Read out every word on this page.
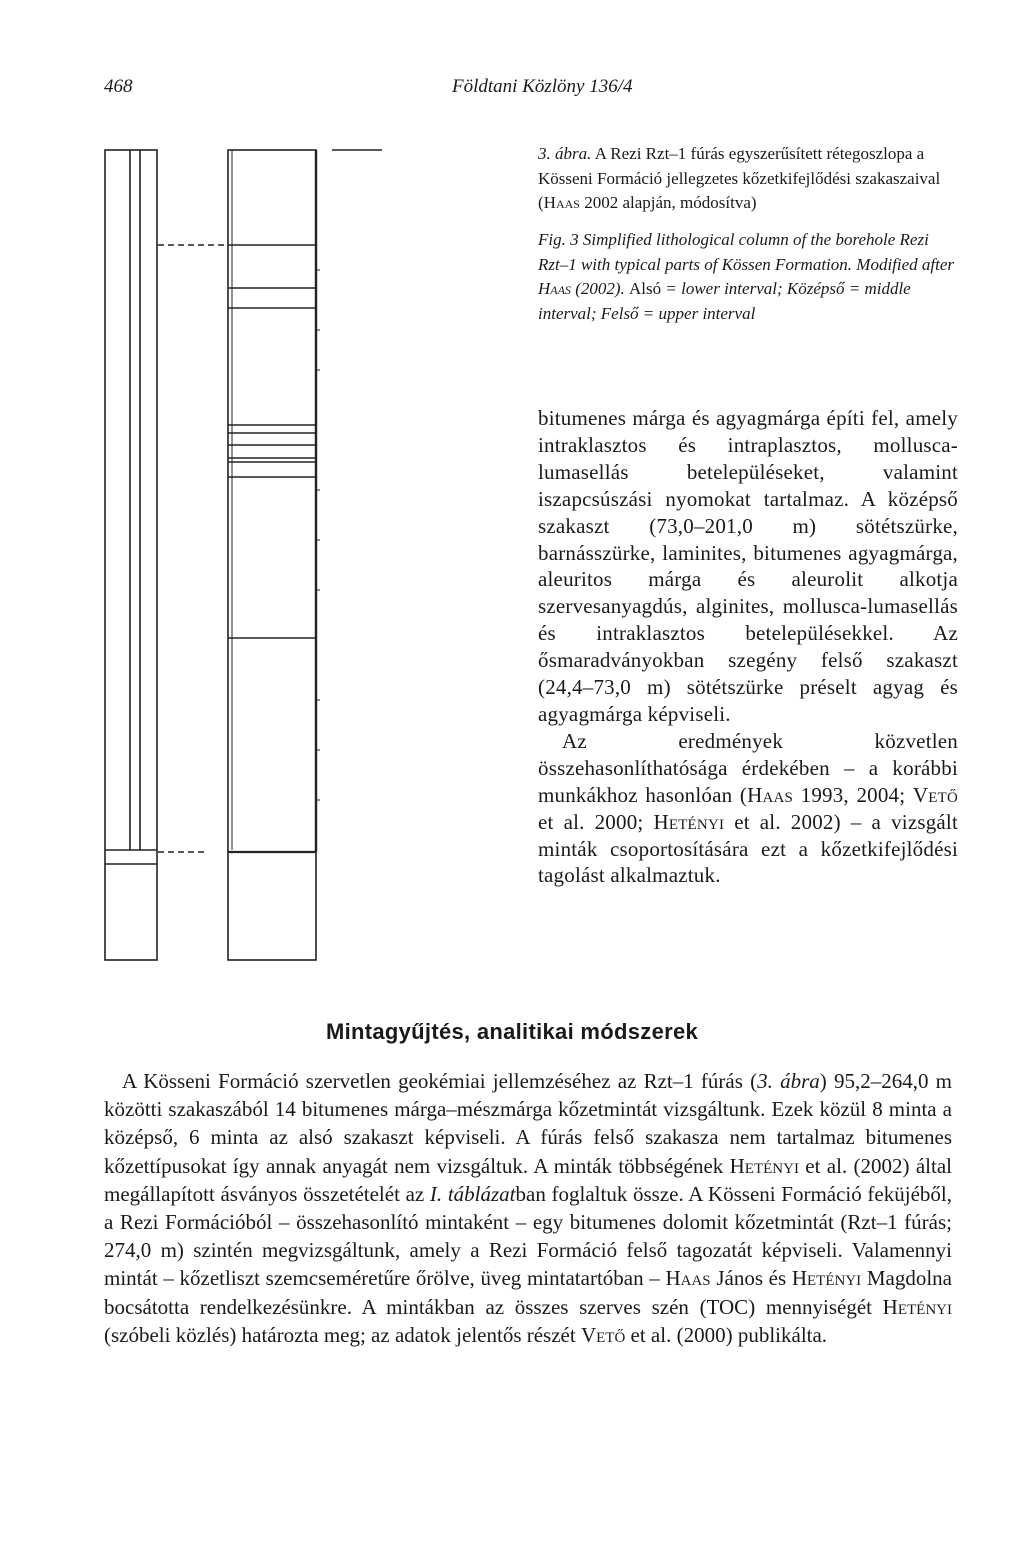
468	Földtani Közlöny 136/4
3. ábra. A Rezi Rzt–1 fúrás egyszerűsített rétegoszlopa a Kösseni Formáció jellegzetes kőzetkifejlődési szakaszaival (Haas 2002 alapján, módosítva)
Fig. 3 Simplified lithological column of the borehole Rezi Rzt–1 with typical parts of Kössen Formation. Modified after Haas (2002). Alsó = lower interval; Középső = middle interval; Felső = upper interval

bitumenes márga és agyagmárga építi fel, amely intraklasztos és intraplasztos, mollusca-lumasellás betelepüléseket, valamint iszapcsúszási nyomokat tartalmaz. A középső szakaszt (73,0–201,0 m) sötétszürke, barnásszürke, laminites, bitumenes agyagmárga, aleuritos márga és aleurolit alkotja szervesanyagdús, alginites, mollusca-lumasellás és intraklasztos betelepülésekkel. Az ősmaradványokban szegény felső szakaszt (24,4–73,0 m) sötétszürke préselt agyag és agyagmárga képviseli.

Az eredmények közvetlen összehasonlíthatósága érdekében – a korábbi munkákhoz hasonlóan (Haas 1993, 2004; Vető et al. 2000; Hetényi et al. 2002) – a vizsgált minták csoportosítására ezt a kőzetkifejlődési tagolást alkalmaztuk.

Mintagyűjtés, analitikai módszerek

A Kösseni Formáció szervetlen geokémiai jellemzéséhez az Rzt–1 fúrás (3. ábra) 95,2–264,0 m közötti szakaszából 14 bitumenes márga–mészmárga kőzetmintát vizsgáltunk. Ezek közül 8 minta a középső, 6 minta az alsó szakaszt képviseli. A fúrás felső szakasza nem tartalmaz bitumenes kőzettípusokat így annak anyagát nem vizsgáltuk. A minták többségének Hetényi et al. (2002) által megállapított ásványos összetételét az I. táblázatban foglaltuk össze. A Kösseni Formáció feküjéből, a Rezi Formációból – összehasonlító mintaként – egy bitumenes dolomit kőzetmintát (Rzt–1 fúrás; 274,0 m) szintén megvizsgáltunk, amely a Rezi Formáció felső tagozatát képviseli. Valamennyi mintát – kőzetliszt szemcseméretűre őrölve, üveg mintatartóban – Haas János és Hetényi Magdolna bocsátotta rendelkezésünkre. A mintákban az összes szerves szén (TOC) mennyiségét Hetényi (szóbeli közlés) határozta meg; az adatok jelentős részét Vető et al. (2000) publikálta.
